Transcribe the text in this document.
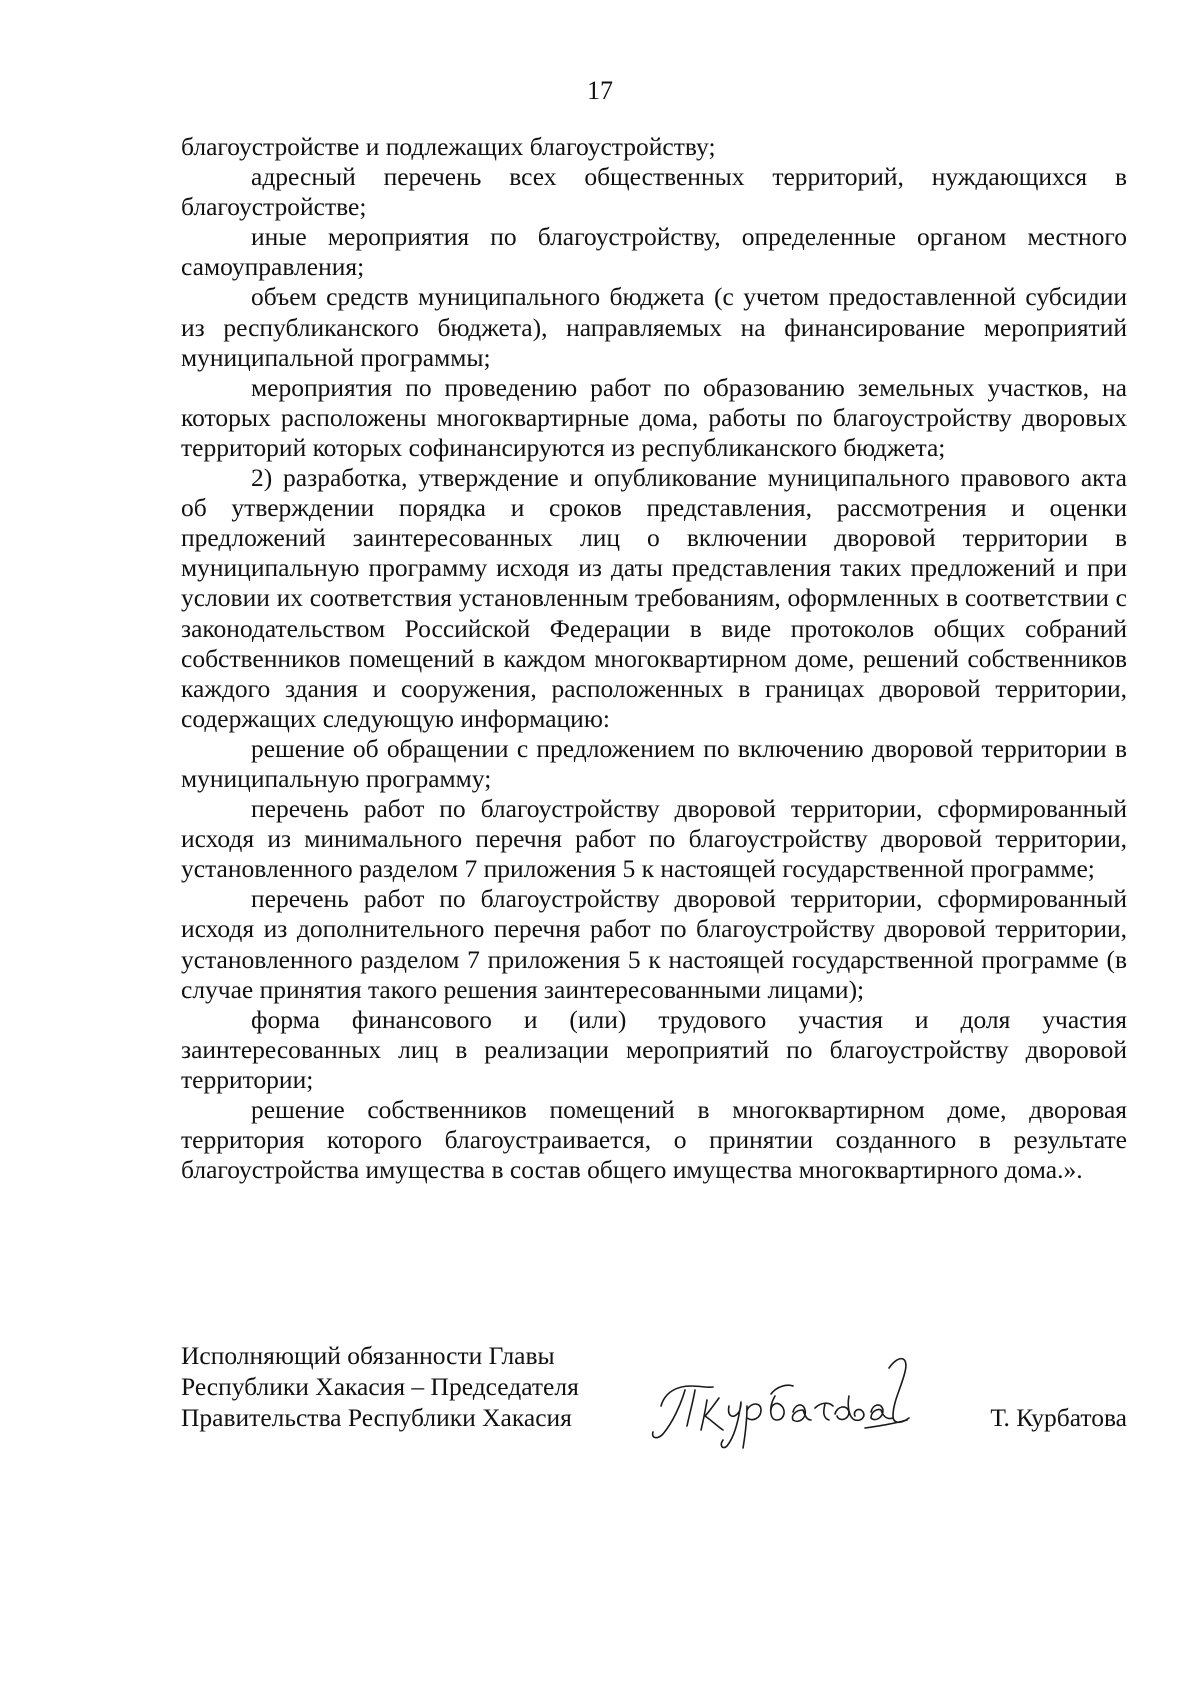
17

благоустройстве и подлежащих благоустройству;

адресный перечень всех общественных территорий, нуждающихся в благоустройстве;

иные мероприятия по благоустройству, определенные органом местного самоуправления;

объем средств муниципального бюджета (с учетом предоставленной субсидии из республиканского бюджета), направляемых на финансирование мероприятий муниципальной программы;

мероприятия по проведению работ по образованию земельных участков, на которых расположены многоквартирные дома, работы по благоустройству дворовых территорий которых софинансируются из республиканского бюджета;

2) разработка, утверждение и опубликование муниципального правового акта об утверждении порядка и сроков представления, рассмотрения и оценки предложений заинтересованных лиц о включении дворовой территории в муниципальную программу исходя из даты представления таких предложений и при условии их соответствия установленным требованиям, оформленных в соответствии с законодательством Российской Федерации в виде протоколов общих собраний собственников помещений в каждом многоквартирном доме, решений собственников каждого здания и сооружения, расположенных в границах дворовой территории, содержащих следующую информацию:

решение об обращении с предложением по включению дворовой территории в муниципальную программу;

перечень работ по благоустройству дворовой территории, сформированный исходя из минимального перечня работ по благоустройству дворовой территории, установленного разделом 7 приложения 5 к настоящей государственной программе;

перечень работ по благоустройству дворовой территории, сформированный исходя из дополнительного перечня работ по благоустройству дворовой территории, установленного разделом 7 приложения 5 к настоящей государственной программе (в случае принятия такого решения заинтересованными лицами);

форма финансового и (или) трудового участия и доля участия заинтересованных лиц в реализации мероприятий по благоустройству дворовой территории;

решение собственников помещений в многоквартирном доме, дворовая территория которого благоустраивается, о принятии созданного в результате благоустройства имущества в состав общего имущества многоквартирного дома.».

Исполняющий обязанности Главы
Республики Хакасия – Председателя
Правительства Республики Хакасия	Т. Курбатова
